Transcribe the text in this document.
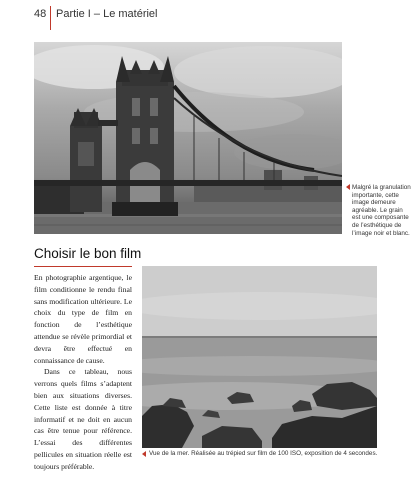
48 Partie I – Le matériel
Malgré la granulation importante, cette image demeure agréable. Le grain est une composante de l’esthétique de l’image noir et blanc.
Choisir le bon film

En photographie argentique, le film conditionne le rendu final sans modification ultérieure. Le choix du type de film en fonction de l’esthétique attendue se révèle primordial et devra être effectué en connaissance de cause.

Dans ce tableau, nous verrons quels films s’adaptent bien aux situations diverses. Cette liste est donnée à titre informatif et ne doit en aucun cas être tenue pour référence. L’essai des différentes pellicules en situation réelle est toujours préférable.

Vue de la mer. Réalisée au trépied sur film de 100 ISO, exposition de 4 secondes.
